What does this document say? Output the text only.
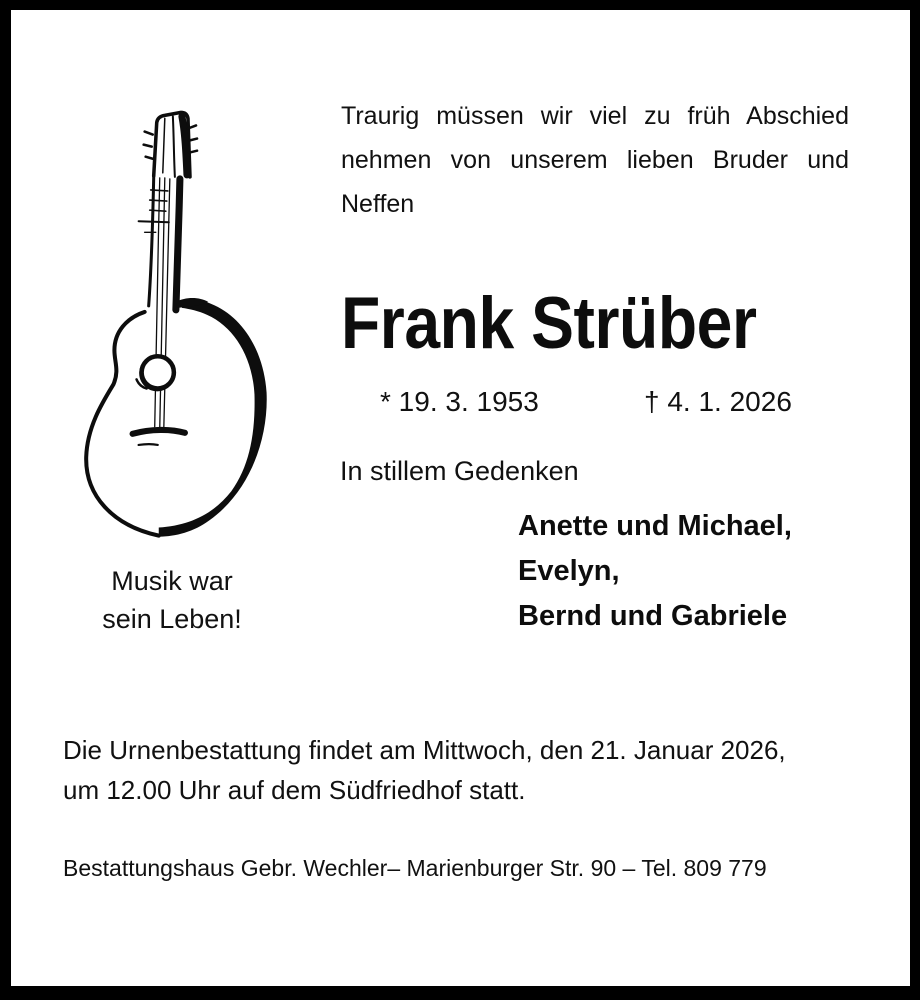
Musik war
sein Leben!
Traurig müssen wir viel zu früh Abschied
nehmen von unserem lieben Bruder und
Neffen
Frank Strüber
* 19. 3. 1953	† 4. 1. 2026
In stillem Gedenken
Anette und Michael,
Evelyn,
Bernd und Gabriele
Die Urnenbestattung findet am Mittwoch, den 21. Januar 2026,
um 12.00 Uhr auf dem Südfriedhof statt.
Bestattungshaus Gebr. Wechler– Marienburger Str. 90 – Tel. 809 779
